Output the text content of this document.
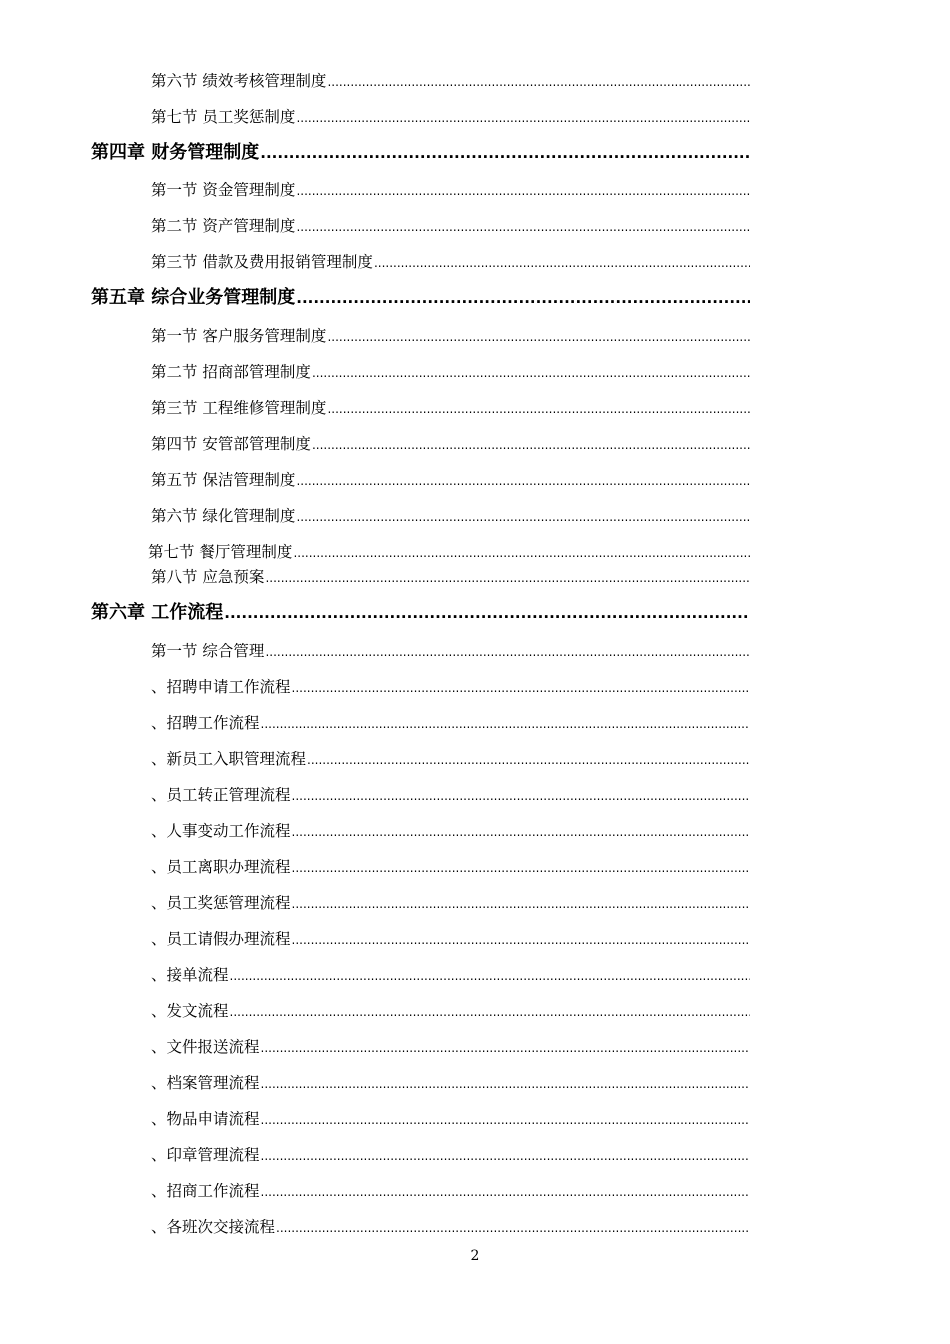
第六节 绩效考核管理制度
.....
第七节 员工奖惩制度
.....
第四章 财务管理制度
.....
第一节 资金管理制度
.....
第二节 资产管理制度
.....
第三节 借款及费用报销管理制度
.....
第五章 综合业务管理制度
.....
第一节 客户服务管理制度
.....
第二节 招商部管理制度
.....
第三节 工程维修管理制度
.....
第四节 安管部管理制度
.....
第五节 保洁管理制度
.....
第六节 绿化管理制度
.....
第七节 餐厅管理制度
.....
第八节 应急预案
.....
第六章 工作流程
.....
第一节 综合管理
.....
、招聘申请工作流程
.....
、招聘工作流程
.....
、新员工入职管理流程
.....
、员工转正管理流程
.....
、人事变动工作流程
.....
、员工离职办理流程
.....
、员工奖惩管理流程
.....
、员工请假办理流程
.....
、接单流程
.....
、发文流程
.....
、文件报送流程
.....
、档案管理流程
.....
、物品申请流程
.....
、印章管理流程
.....
、招商工作流程
.....
、各班次交接流程
.....
2
